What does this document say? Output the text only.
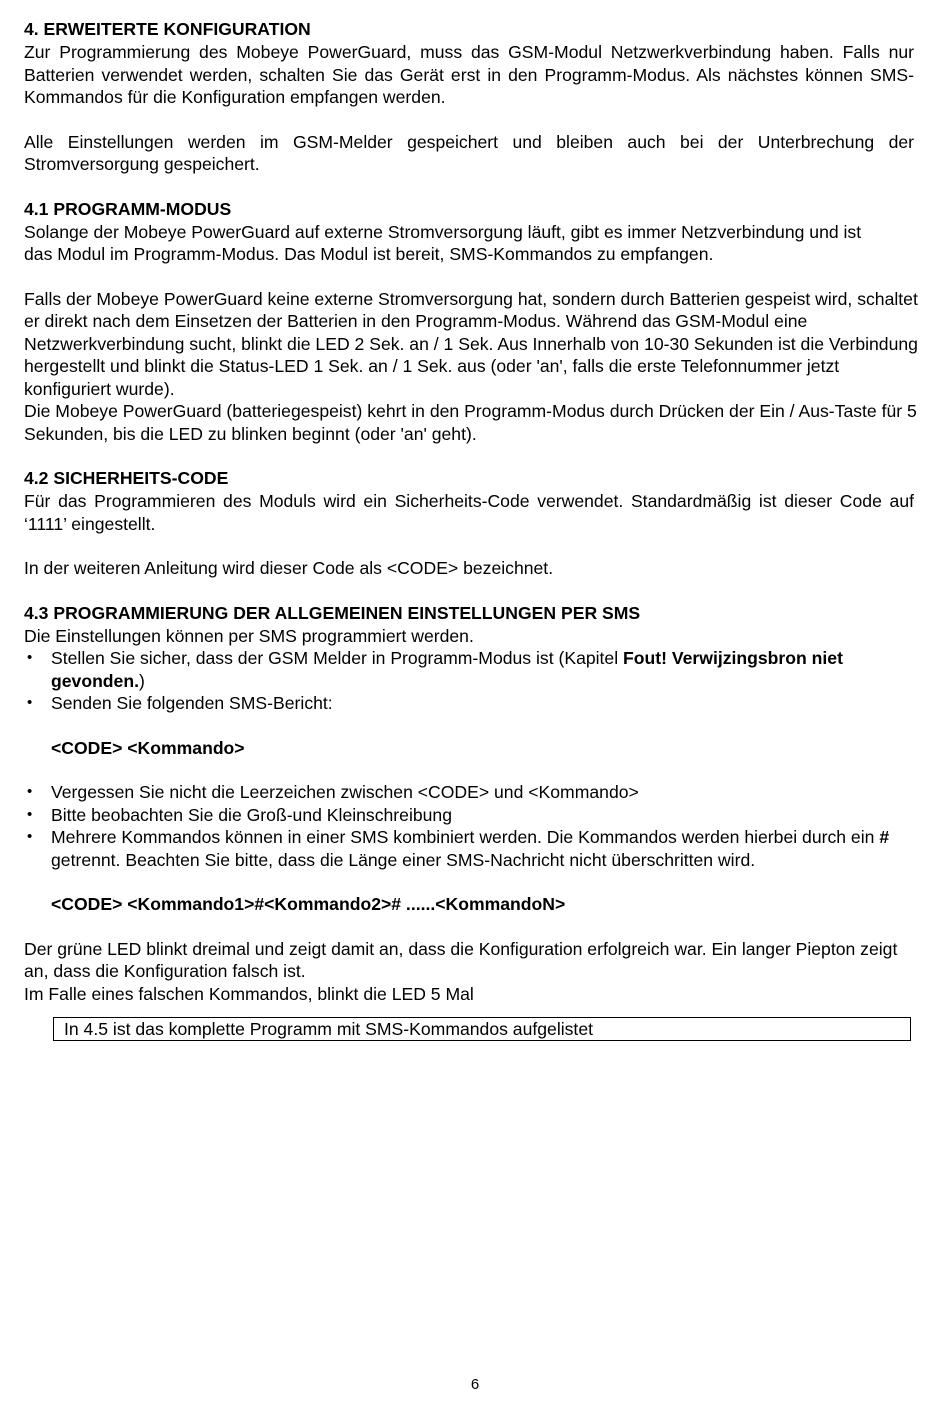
4. ERWEITERTE KONFIGURATION

Zur Programmierung des Mobeye PowerGuard, muss das GSM-Modul Netzwerkverbindung haben. Falls nur Batterien verwendet werden, schalten Sie das Gerät erst in den Programm-Modus. Als nächstes können SMS-Kommandos für die Konfiguration empfangen werden.

Alle Einstellungen werden im GSM-Melder gespeichert und bleiben auch bei der Unterbrechung der Stromversorgung gespeichert.

4.1 PROGRAMM-MODUS

Solange der Mobeye PowerGuard auf externe Stromversorgung läuft, gibt es immer Netzverbindung und ist das Modul im Programm-Modus. Das Modul ist bereit, SMS-Kommandos zu empfangen.

Falls der Mobeye PowerGuard keine externe Stromversorgung hat, sondern durch Batterien gespeist wird, schaltet er direkt nach dem Einsetzen der Batterien in den Programm-Modus. Während das GSM-Modul eine Netzwerkverbindung sucht, blinkt die LED 2 Sek. an / 1 Sek. Aus Innerhalb von 10-30 Sekunden ist die Verbindung hergestellt und blinkt die Status-LED 1 Sek. an / 1 Sek. aus (oder 'an', falls die erste Telefonnummer jetzt konfiguriert wurde).

Die Mobeye PowerGuard (batteriegespeist) kehrt in den Programm-Modus durch Drücken der Ein / Aus-Taste für 5 Sekunden, bis die LED zu blinken beginnt (oder 'an' geht).

4.2 SICHERHEITS-CODE

Für das Programmieren des Moduls wird ein Sicherheits-Code verwendet. Standardmäßig ist dieser Code auf ‘1111’ eingestellt.

In der weiteren Anleitung wird dieser Code als <CODE> bezeichnet.

4.3 PROGRAMMIERUNG DER ALLGEMEINEN EINSTELLUNGEN PER SMS

Die Einstellungen können per SMS programmiert werden.

• Stellen Sie sicher, dass der GSM Melder in Programm-Modus ist (Kapitel Fout! Verwijzingsbron niet gevonden.)
• Senden Sie folgenden SMS-Bericht:

<CODE> <Kommando>

• Vergessen Sie nicht die Leerzeichen zwischen <CODE> und <Kommando>
• Bitte beobachten Sie die Groß-und Kleinschreibung
• Mehrere Kommandos können in einer SMS kombiniert werden. Die Kommandos werden hierbei durch ein # getrennt. Beachten Sie bitte, dass die Länge einer SMS-Nachricht nicht überschritten wird.

<CODE> <Kommando1>#<Kommando2># ......<KommandoN>

Der grüne LED blinkt dreimal und zeigt damit an, dass die Konfiguration erfolgreich war. Ein langer Piepton zeigt an, dass die Konfiguration falsch ist.

Im Falle eines falschen Kommandos, blinkt die LED 5 Mal

In 4.5 ist das komplette Programm mit SMS-Kommandos aufgelistet
6
